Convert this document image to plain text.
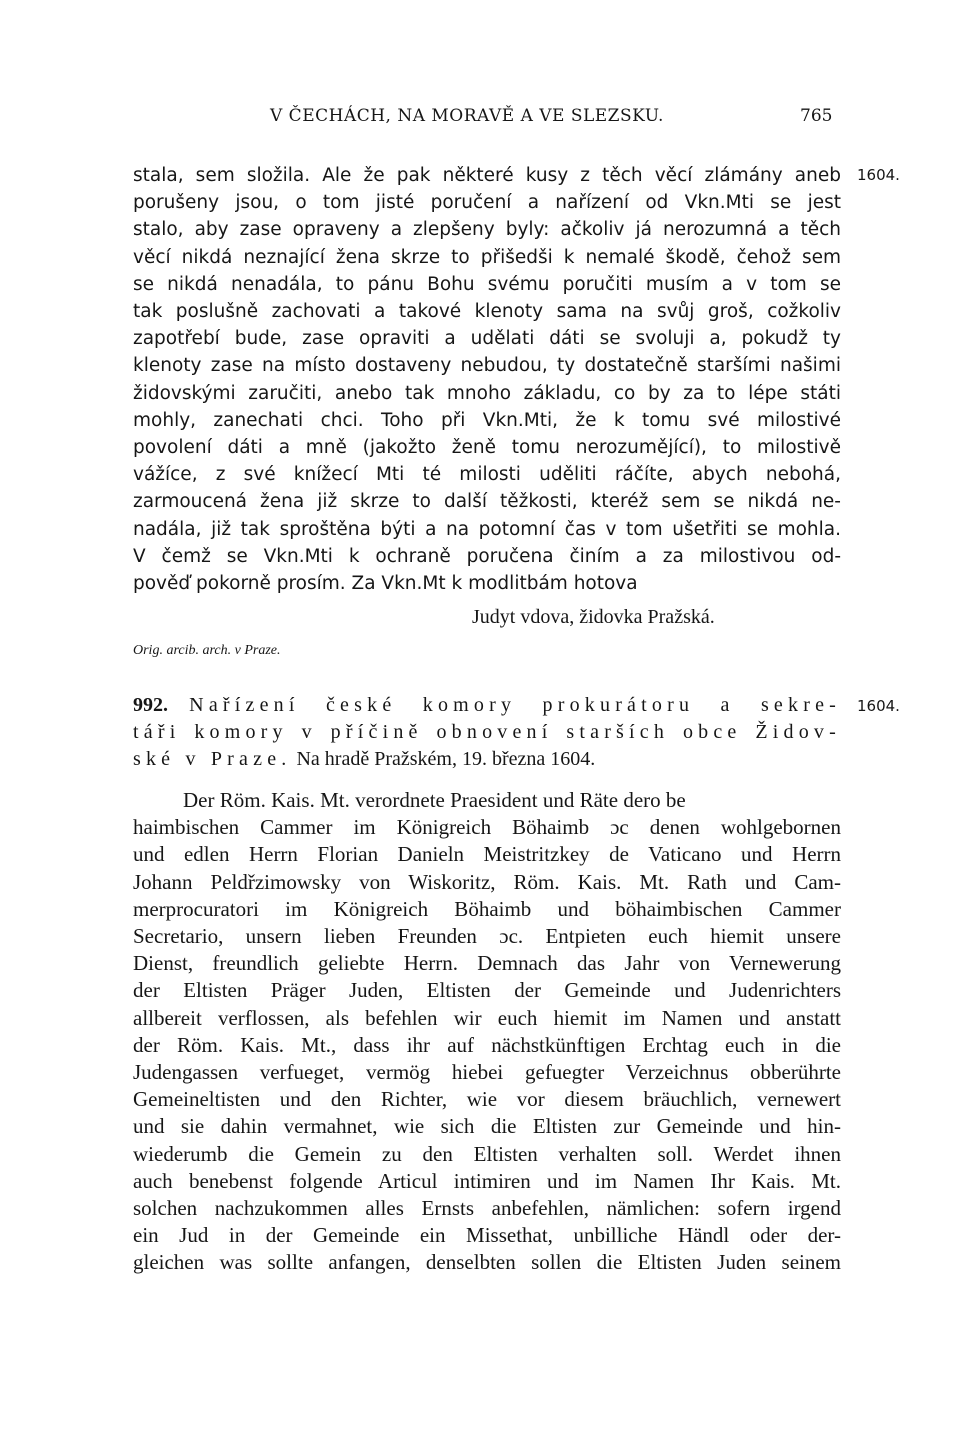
V ČECHÁCH, NA MORAVĚ A VE SLEZSKU.	765
1604.
stala, sem složila. Ale že pak některé kusy z těch věcí zlámány aneb
porušeny jsou, o tom jisté poručení a nařízení od Vkn.Mti se jest
stalo, aby zase opraveny a zlepšeny byly: ačkoliv já nerozumná a těch
věcí nikdá neznající žena skrze to přišedši k nemalé škodě, čehož sem
se nikdá nenadála, to pánu Bohu svému poručiti musím a v tom se
tak poslušně zachovati a takové klenoty sama na svůj groš, cožkoliv
zapotřebí bude, zase opraviti a udělati dáti se svoluji a, pokudž ty
klenoty zase na místo dostaveny nebudou, ty dostatečně staršími našimi
židovskými zaručiti, anebo tak mnoho základu, co by za to lépe státi
mohly, zanechati chci. Toho při Vkn.Mti, že k tomu své milostivé
povolení dáti a mně (jakožto ženě tomu nerozumějící), to milostivě
vážíce, z své knížecí Mti té milosti uděliti ráčíte, abych nebohá,
zarmoucená žena již skrze to další těžkosti, kteréž sem se nikdá ne-
nadála, již tak sproštěna býti a na potomní čas v tom ušetřiti se mohla.
V čemž se Vkn.Mti k ochraně poručena činím a za milostivou od-
pověď pokorně prosím. Za Vkn.Mt k modlitbám hotova
Judyt vdova, židovka Pražská.
Orig. arcib. arch. v Praze.
1604.
992. Nařízení české komory prokurátoru a sekre-
táři komory v příčině obnovení starších obce Židov-
ské v Praze. Na hradě Pražském, 19. března 1604.
Der Röm. Kais. Mt. verordnete Praesident und Räte dero be
haimbischen Cammer im Königreich Böhaimb ɔc denen wohlgebornen
und edlen Herrn Florian Danieln Meistritzkey de Vaticano und Herrn
Johann Peldřzimowsky von Wiskoritz, Röm. Kais. Mt. Rath und Cam-
merprocuratori im Königreich Böhaimb und böhaimbischen Cammer
Secretario, unsern lieben Freunden ɔc. Entpieten euch hiemit unsere
Dienst, freundlich geliebte Herrn. Demnach das Jahr von Vernewerung
der Eltisten Präger Juden, Eltisten der Gemeinde und Judenrichters
allbereit verflossen, als befehlen wir euch hiemit im Namen und anstatt
der Röm. Kais. Mt., dass ihr auf nächstkünftigen Erchtag euch in die
Judengassen verfueget, vermög hiebei gefuegter Verzeichnus obberührte
Gemeineltisten und den Richter, wie vor diesem bräuchlich, vernewert
und sie dahin vermahnet, wie sich die Eltisten zur Gemeinde und hin-
wiederumb die Gemein zu den Eltisten verhalten soll. Werdet ihnen
auch benebenst folgende Articul intimiren und im Namen Ihr Kais. Mt.
solchen nachzukommen alles Ernsts anbefehlen, nämlichen: sofern irgend
ein Jud in der Gemeinde ein Missethat, unbilliche Händl oder der-
gleichen was sollte anfangen, denselbten sollen die Eltisten Juden seinem
